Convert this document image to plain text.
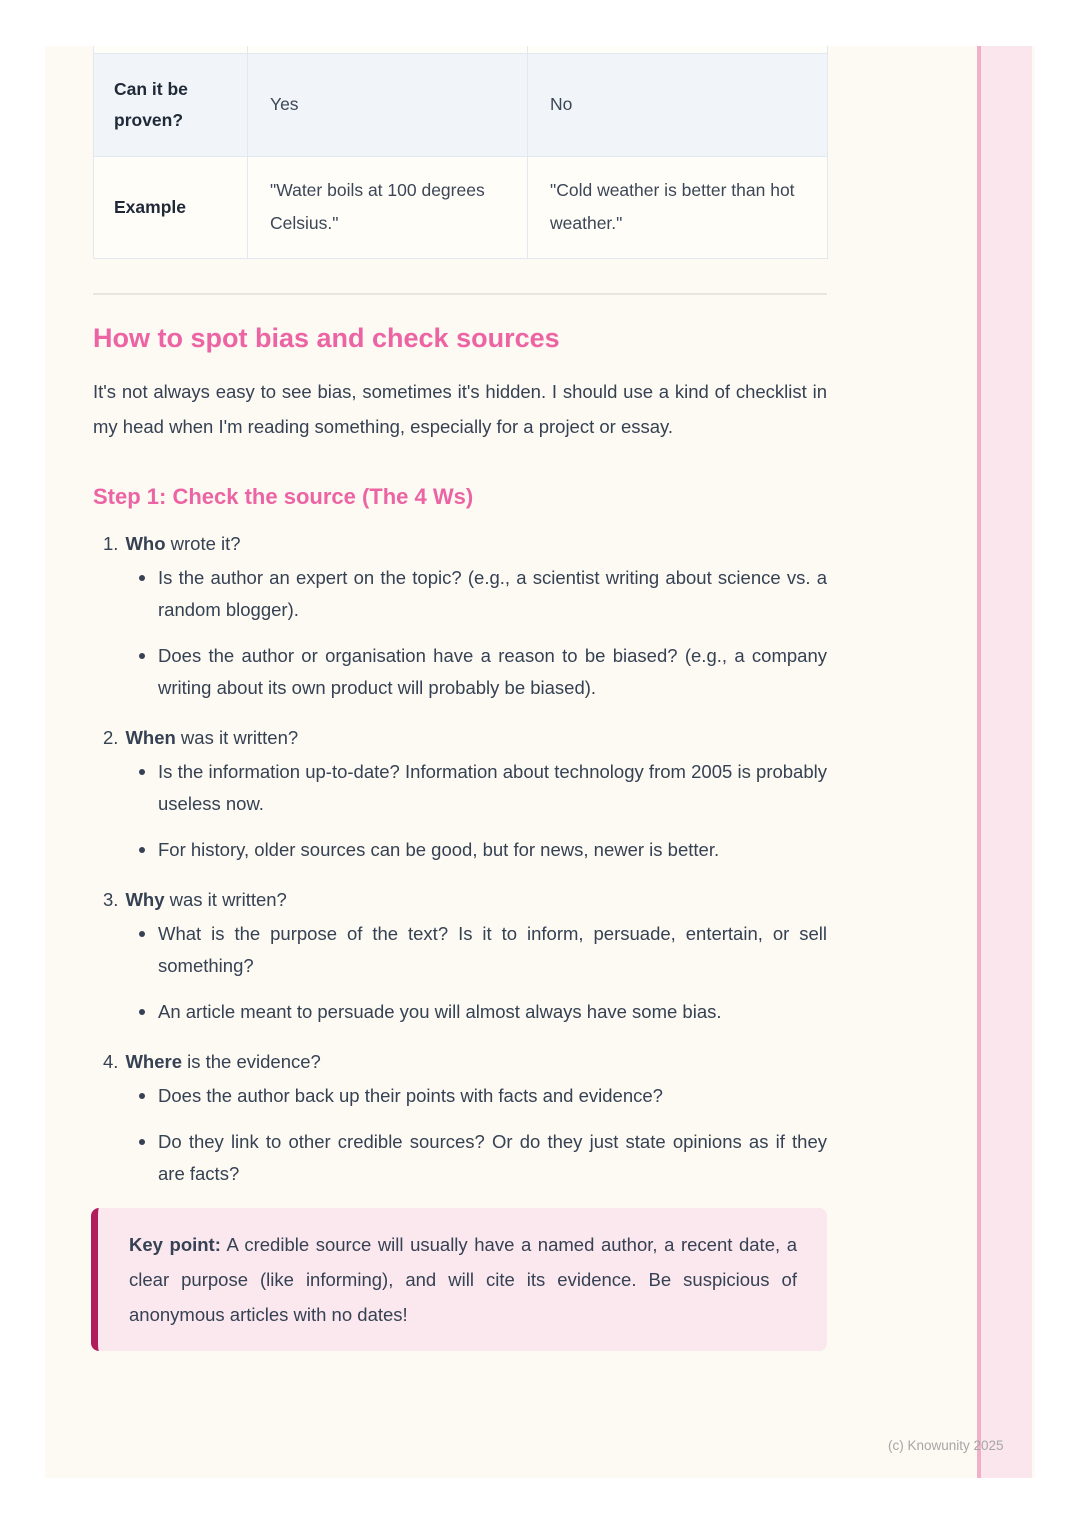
Can it be proven?	Yes	No
Example	"Water boils at 100 degrees Celsius."	"Cold weather is better than hot weather."
How to spot bias and check sources

It's not always easy to see bias, sometimes it's hidden. I should use a kind of checklist in my head when I'm reading something, especially for a project or essay.

Step 1: Check the source (The 4 Ws)
1. Who wrote it?
Is the author an expert on the topic? (e.g., a scientist writing about science vs. a random blogger).
Does the author or organisation have a reason to be biased? (e.g., a company writing about its own product will probably be biased).
2. When was it written?
Is the information up-to-date? Information about technology from 2005 is probably useless now.
For history, older sources can be good, but for news, newer is better.
3. Why was it written?
What is the purpose of the text? Is it to inform, persuade, entertain, or sell something?
An article meant to persuade you will almost always have some bias.
4. Where is the evidence?
Does the author back up their points with facts and evidence?
Do they link to other credible sources? Or do they just state opinions as if they are facts?
Key point: A credible source will usually have a named author, a recent date, a clear purpose (like informing), and will cite its evidence. Be suspicious of anonymous articles with no dates!
(c) Knowunity 2025
